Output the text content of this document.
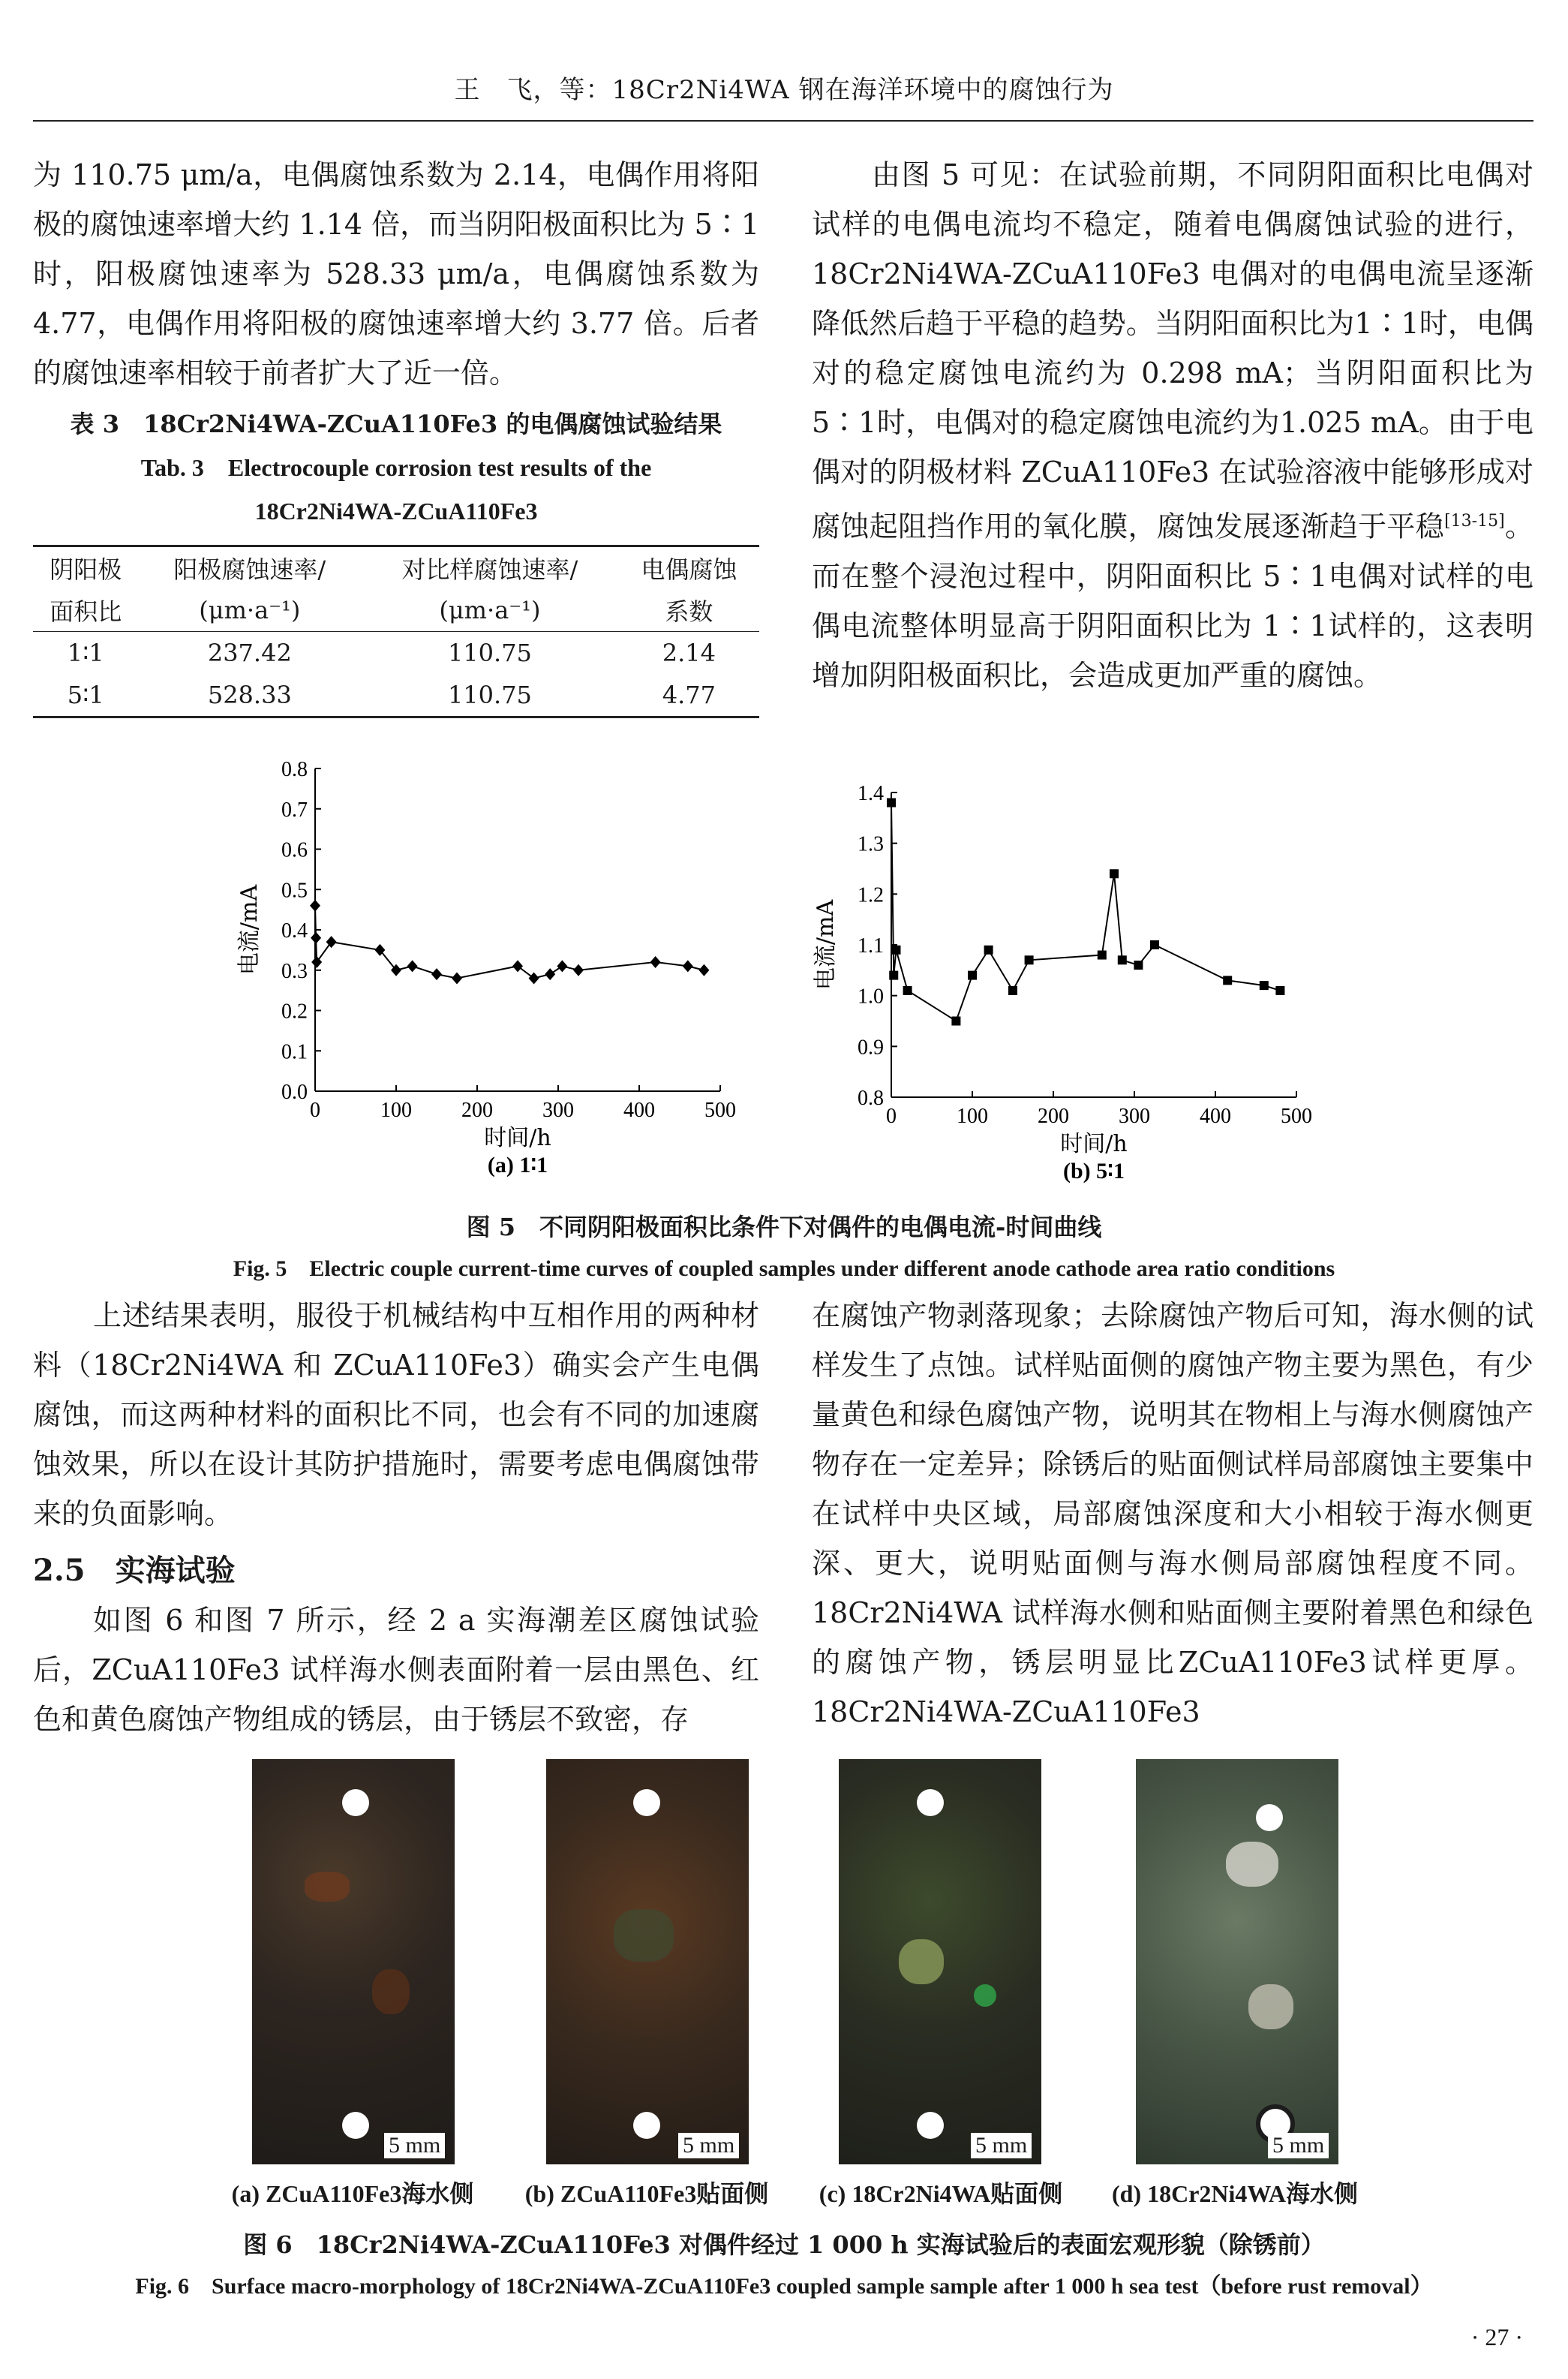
王　飞，等：18Cr2Ni4WA 钢在海洋环境中的腐蚀行为
为 110.75 μm/a，电偶腐蚀系数为 2.14，电偶作用将阳极的腐蚀速率增大约 1.14 倍，而当阴阳极面积比为 5∶1时，阳极腐蚀速率为 528.33 μm/a，电偶腐蚀系数为 4.77，电偶作用将阳极的腐蚀速率增大约 3.77 倍。后者的腐蚀速率相较于前者扩大了近一倍。
表 3　18Cr2Ni4WA-ZCuA110Fe3 的电偶腐蚀试验结果
Tab. 3　Electrocouple corrosion test results of the
18Cr2Ni4WA-ZCuA110Fe3
阴阳极	阳极腐蚀速率/	对比样腐蚀速率/	电偶腐蚀
面积比	(μm·a⁻¹)	(μm·a⁻¹)	系数
1∶1	237.42	110.75	2.14
5∶1	528.33	110.75	4.77
由图 5 可见：在试验前期，不同阴阳面积比电偶对试样的电偶电流均不稳定，随着电偶腐蚀试验的进行，18Cr2Ni4WA-ZCuA110Fe3 电偶对的电偶电流呈逐渐降低然后趋于平稳的趋势。当阴阳面积比为1∶1时，电偶对的稳定腐蚀电流约为 0.298 mA；当阴阳面积比为 5∶1时，电偶对的稳定腐蚀电流约为1.025 mA。由于电偶对的阴极材料 ZCuA110Fe3 在试验溶液中能够形成对腐蚀起阻挡作用的氧化膜，腐蚀发展逐渐趋于平稳[13-15]。而在整个浸泡过程中，阴阳面积比 5∶1电偶对试样的电偶电流整体明显高于阴阳面积比为 1∶1试样的，这表明增加阴阳极面积比，会造成更加严重的腐蚀。
0.0
0.1
0.2
0.3
0.4
0.5
0.6
0.7
0.8
0	100 200 300 400 500
时间/h
电流/mA
(a) 1∶1
0.8
0.9
1.0
1.1
1.2
1.3
1.4
0	100 200 300 400 500
时间/h
电流/mA
(b) 5∶1
图 5　不同阴阳极面积比条件下对偶件的电偶电流-时间曲线
Fig. 5　Electric couple current-time curves of coupled samples under different anode cathode area ratio conditions
上述结果表明，服役于机械结构中互相作用的两种材料（18Cr2Ni4WA 和 ZCuA110Fe3）确实会产生电偶腐蚀，而这两种材料的面积比不同，也会有不同的加速腐蚀效果，所以在设计其防护措施时，需要考虑电偶腐蚀带来的负面影响。
2.5　实海试验
如图 6 和图 7 所示，经 2 a 实海潮差区腐蚀试验后，ZCuA110Fe3 试样海水侧表面附着一层由黑色、红色和黄色腐蚀产物组成的锈层，由于锈层不致密，存
在腐蚀产物剥落现象；去除腐蚀产物后可知，海水侧的试样发生了点蚀。试样贴面侧的腐蚀产物主要为黑色，有少量黄色和绿色腐蚀产物，说明其在物相上与海水侧腐蚀产物存在一定差异；除锈后的贴面侧试样局部腐蚀主要集中在试样中央区域，局部腐蚀深度和大小相较于海水侧更深、更大，说明贴面侧与海水侧局部腐蚀程度不同。18Cr2Ni4WA 试样海水侧和贴面侧主要附着黑色和绿色的腐蚀产物，锈层明显比ZCuA110Fe3试样更厚。18Cr2Ni4WA-ZCuA110Fe3
5 mm	5 mm	5 mm	5 mm
(a) ZCuA110Fe3海水侧	(b) ZCuA110Fe3贴面侧	(c) 18Cr2Ni4WA贴面侧	(d) 18Cr2Ni4WA海水侧
图 6　18Cr2Ni4WA-ZCuA110Fe3 对偶件经过 1 000 h 实海试验后的表面宏观形貌（除锈前）
Fig. 6　Surface macro-morphology of 18Cr2Ni4WA-ZCuA110Fe3 coupled sample sample after 1 000 h sea test（before rust removal）
· 27 ·
